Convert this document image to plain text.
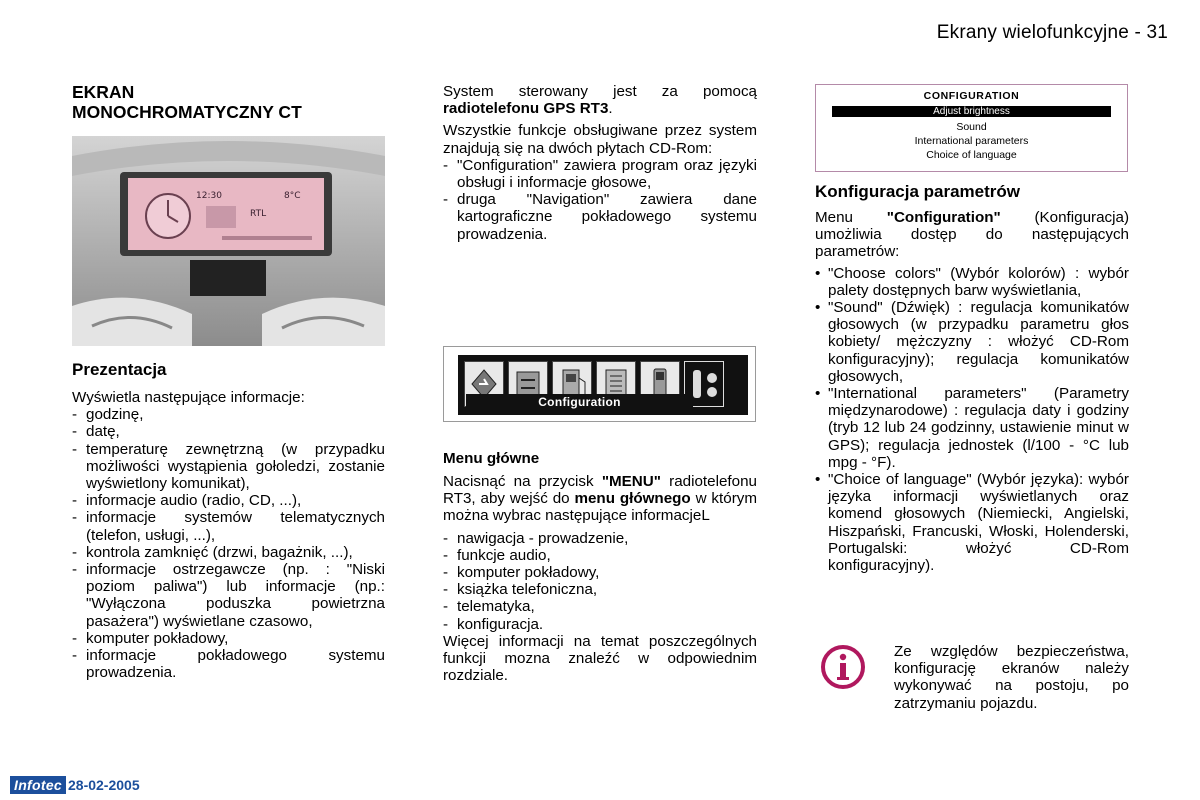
Ekrany wielofunkcyjne - 31
EKRAN
MONOCHROMATYCZNY CT
12:30	8°C
RTL
Prezentacja

Wyświetla następujące informacje:

- godzinę,
- datę,
- temperaturę zewnętrzną (w przypadku możliwości wystąpienia gołoledzi, zostanie wyświetlony komunikat),
- informacje audio (radio, CD, ...),
- informacje systemów telematycznych (telefon, usługi, ...),
- kontrola zamknięć (drzwi, bagażnik, ...),
- informacje ostrzegawcze (np. : "Niski poziom paliwa") lub informacje (np.: "Wyłączona poduszka powietrzna pasażera") wyświetlane czasowo,
- komputer pokładowy,
- informacje pokładowego systemu prowadzenia.

System sterowany jest za pomocą radiotelefonu GPS RT3.

Wszystkie funkcje obsługiwane przez system znajdują się na dwóch płytach CD-Rom:

- "Configuration" zawiera program oraz języki obsługi i informacje głosowe,
- druga "Navigation" zawiera dane kartograficzne pokładowego systemu prowadzenia.
Configuration
Menu główne

Nacisnąć na przycisk "MENU" radiotelefonu RT3, aby wejść do menu głównego w którym można wybrac następujące informacjeL

- nawigacja - prowadzenie,
- funkcje audio,
- komputer pokładowy,
- książka telefoniczna,
- telematyka,
- konfiguracja.

Więcej informacji na temat poszczególnych funkcji mozna znaleźć w odpowiednim rozdziale.

CONFIGURATION
Adjust brightness
Sound
International parameters
Choice of language
Konfiguracja parametrów

Menu "Configuration" (Konfiguracja) umożliwia dostęp do następujących parametrów:

• "Choose colors" (Wybór kolorów) : wybór palety dostępnych barw wyświetlania,
• "Sound" (Dźwięk) : regulacja komunikatów głosowych (w przypadku parametru głos kobiety/ mężczyzny : włożyć CD-Rom konfiguracyjny); regulacja komunikatów głosowych,
• "International parameters" (Parametry międzynarodowe) : regulacja daty i godziny (tryb 12 lub 24 godzinny, ustawienie minut w GPS); regulacja jednostek (l/100 - °C lub mpg - °F).
• "Choice of language" (Wybór języka): wybór języka informacji wyświetlanych oraz komend głosowych (Niemiecki, Angielski, Hiszpański, Francuski, Włoski, Holenderski, Portugalski: włożyć CD-Rom konfiguracyjny).
Ze względów bezpieczeństwa, konfigurację ekranów należy wykonywać na postoju, po zatrzymaniu pojazdu.
Infotec 28-02-2005
